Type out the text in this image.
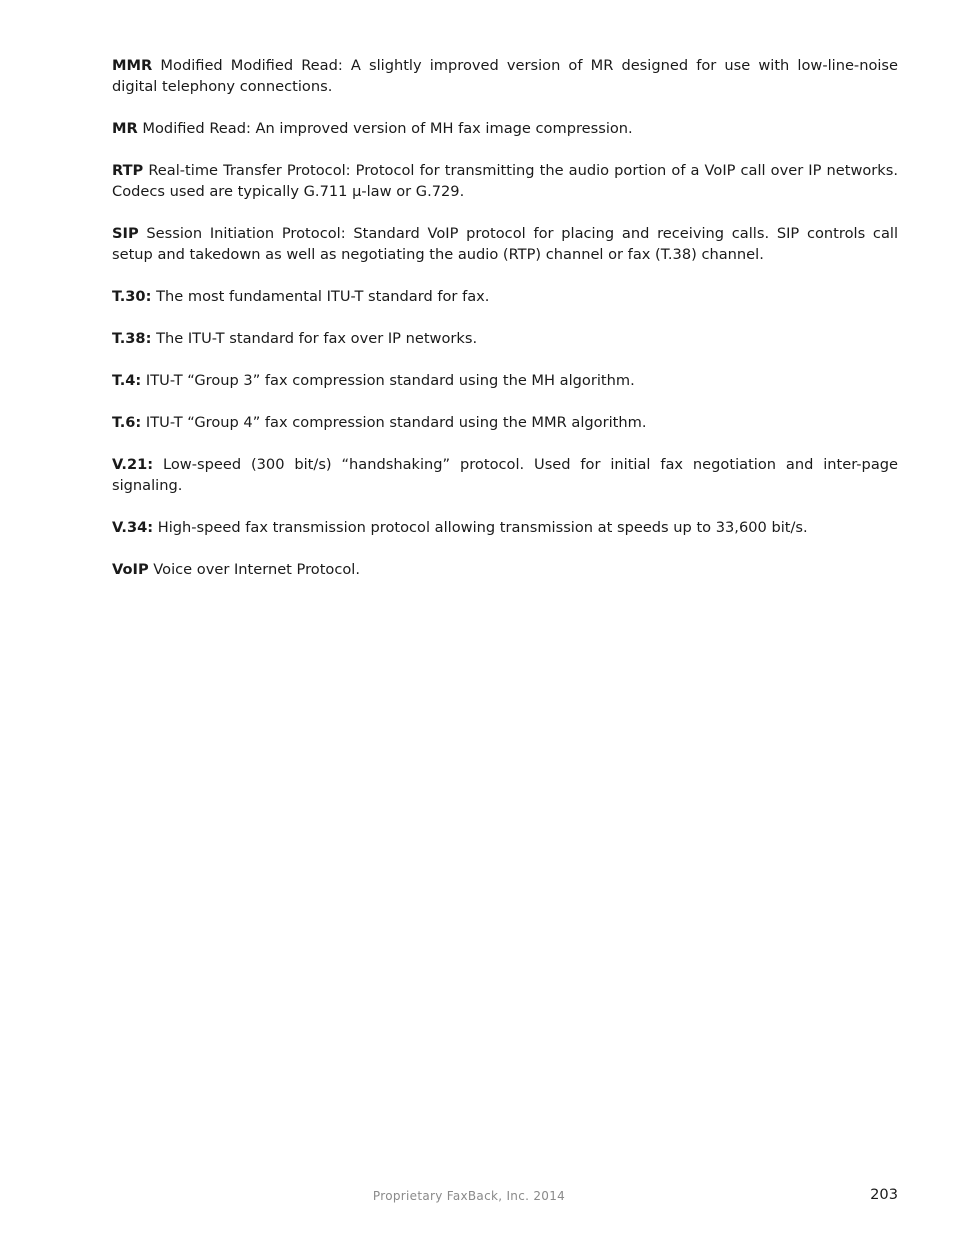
MMR Modified Modified Read: A slightly improved version of MR designed for use with low-line-noise digital telephony connections.

MR Modified Read: An improved version of MH fax image compression.

RTP Real-time Transfer Protocol: Protocol for transmitting the audio portion of a VoIP call over IP networks. Codecs used are typically G.711 µ-law or G.729.

SIP Session Initiation Protocol: Standard VoIP protocol for placing and receiving calls. SIP controls call setup and takedown as well as negotiating the audio (RTP) channel or fax (T.38) channel.

T.30: The most fundamental ITU-T standard for fax.

T.38: The ITU-T standard for fax over IP networks.

T.4: ITU-T “Group 3” fax compression standard using the MH algorithm.

T.6: ITU-T “Group 4” fax compression standard using the MMR algorithm.

V.21: Low-speed (300 bit/s) “handshaking” protocol. Used for initial fax negotiation and inter-page signaling.

V.34: High-speed fax transmission protocol allowing transmission at speeds up to 33,600 bit/s.

VoIP Voice over Internet Protocol.

Proprietary FaxBack, Inc. 2014	203
